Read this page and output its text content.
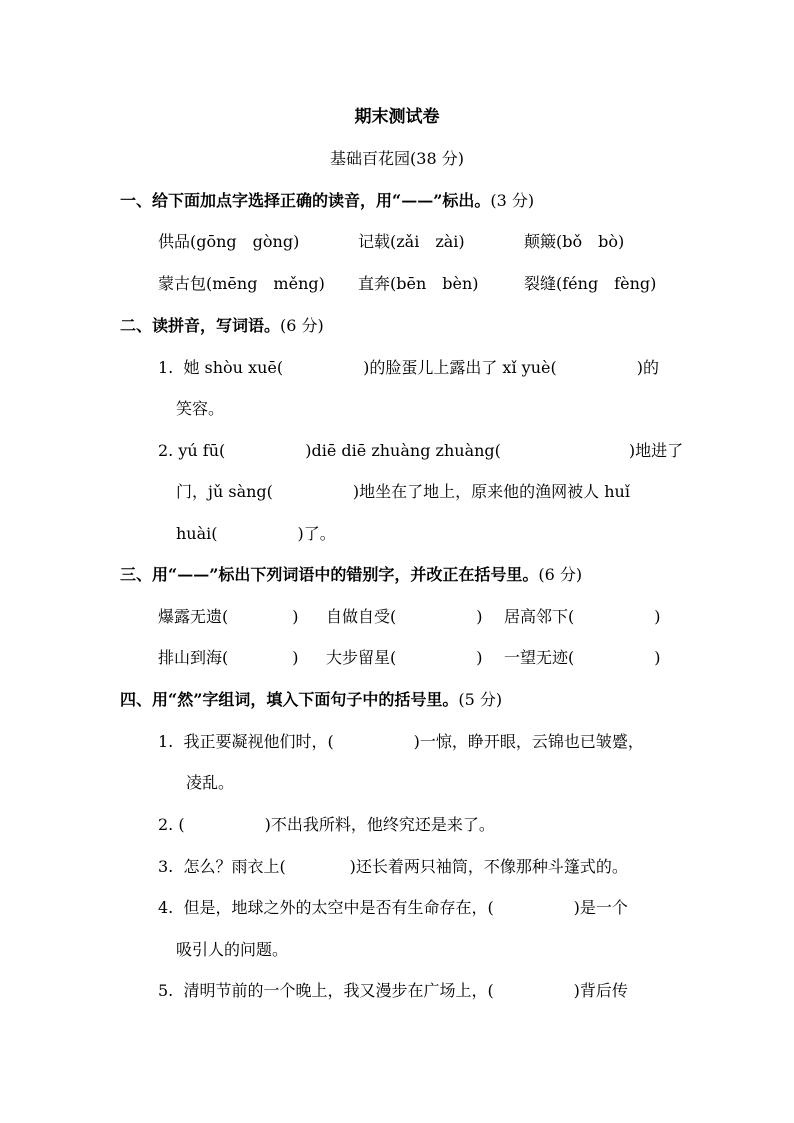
期末测试卷
基础百花园(38 分)
一、给下面加点字选择正确的读音，用“——”标出。(3 分)
供品(gōng　gòng)	记载(zǎi　zài)	颠簸(bǒ　bò)
蒙古包(mēng　měng) 直奔(bēn　bèn)	裂缝(féng　fèng)
二、读拼音，写词语。(6 分)
1.  她 shòu xuē(　　　　　)的脸蛋儿上露出了 xǐ yuè(　　　　　)的
笑容。
2. yú fū(　　　　　)diē diē zhuàng zhuàng(　　　　　　　　)地进了
门，jǔ sàng(　　　　　)地坐在了地上，原来他的渔网被人 huǐ
huài(　　　　　)了。
三、用“——”标出下列词语中的错别字，并改正在括号里。(6 分)
爆露无遗(　　　　) 自做自受(　　　　　) 居高邻下(　　　　　)
排山到海(　　　　) 大步留星(　　　　　) 一望无迹(　　　　　)
四、用“然”字组词，填入下面句子中的括号里。(5 分)
1.  我正要凝视他们时，(　　　　　)一惊，睁开眼，云锦也已皱蹙，
凌乱。
2. (　　　　　)不出我所料，他终究还是来了。
3.  怎么？雨衣上(　　　　)还长着两只袖筒，不像那种斗篷式的。
4.  但是，地球之外的太空中是否有生命存在，(　　　　　)是一个
吸引人的问题。
5.  清明节前的一个晚上，我又漫步在广场上，(　　　　　)背后传
